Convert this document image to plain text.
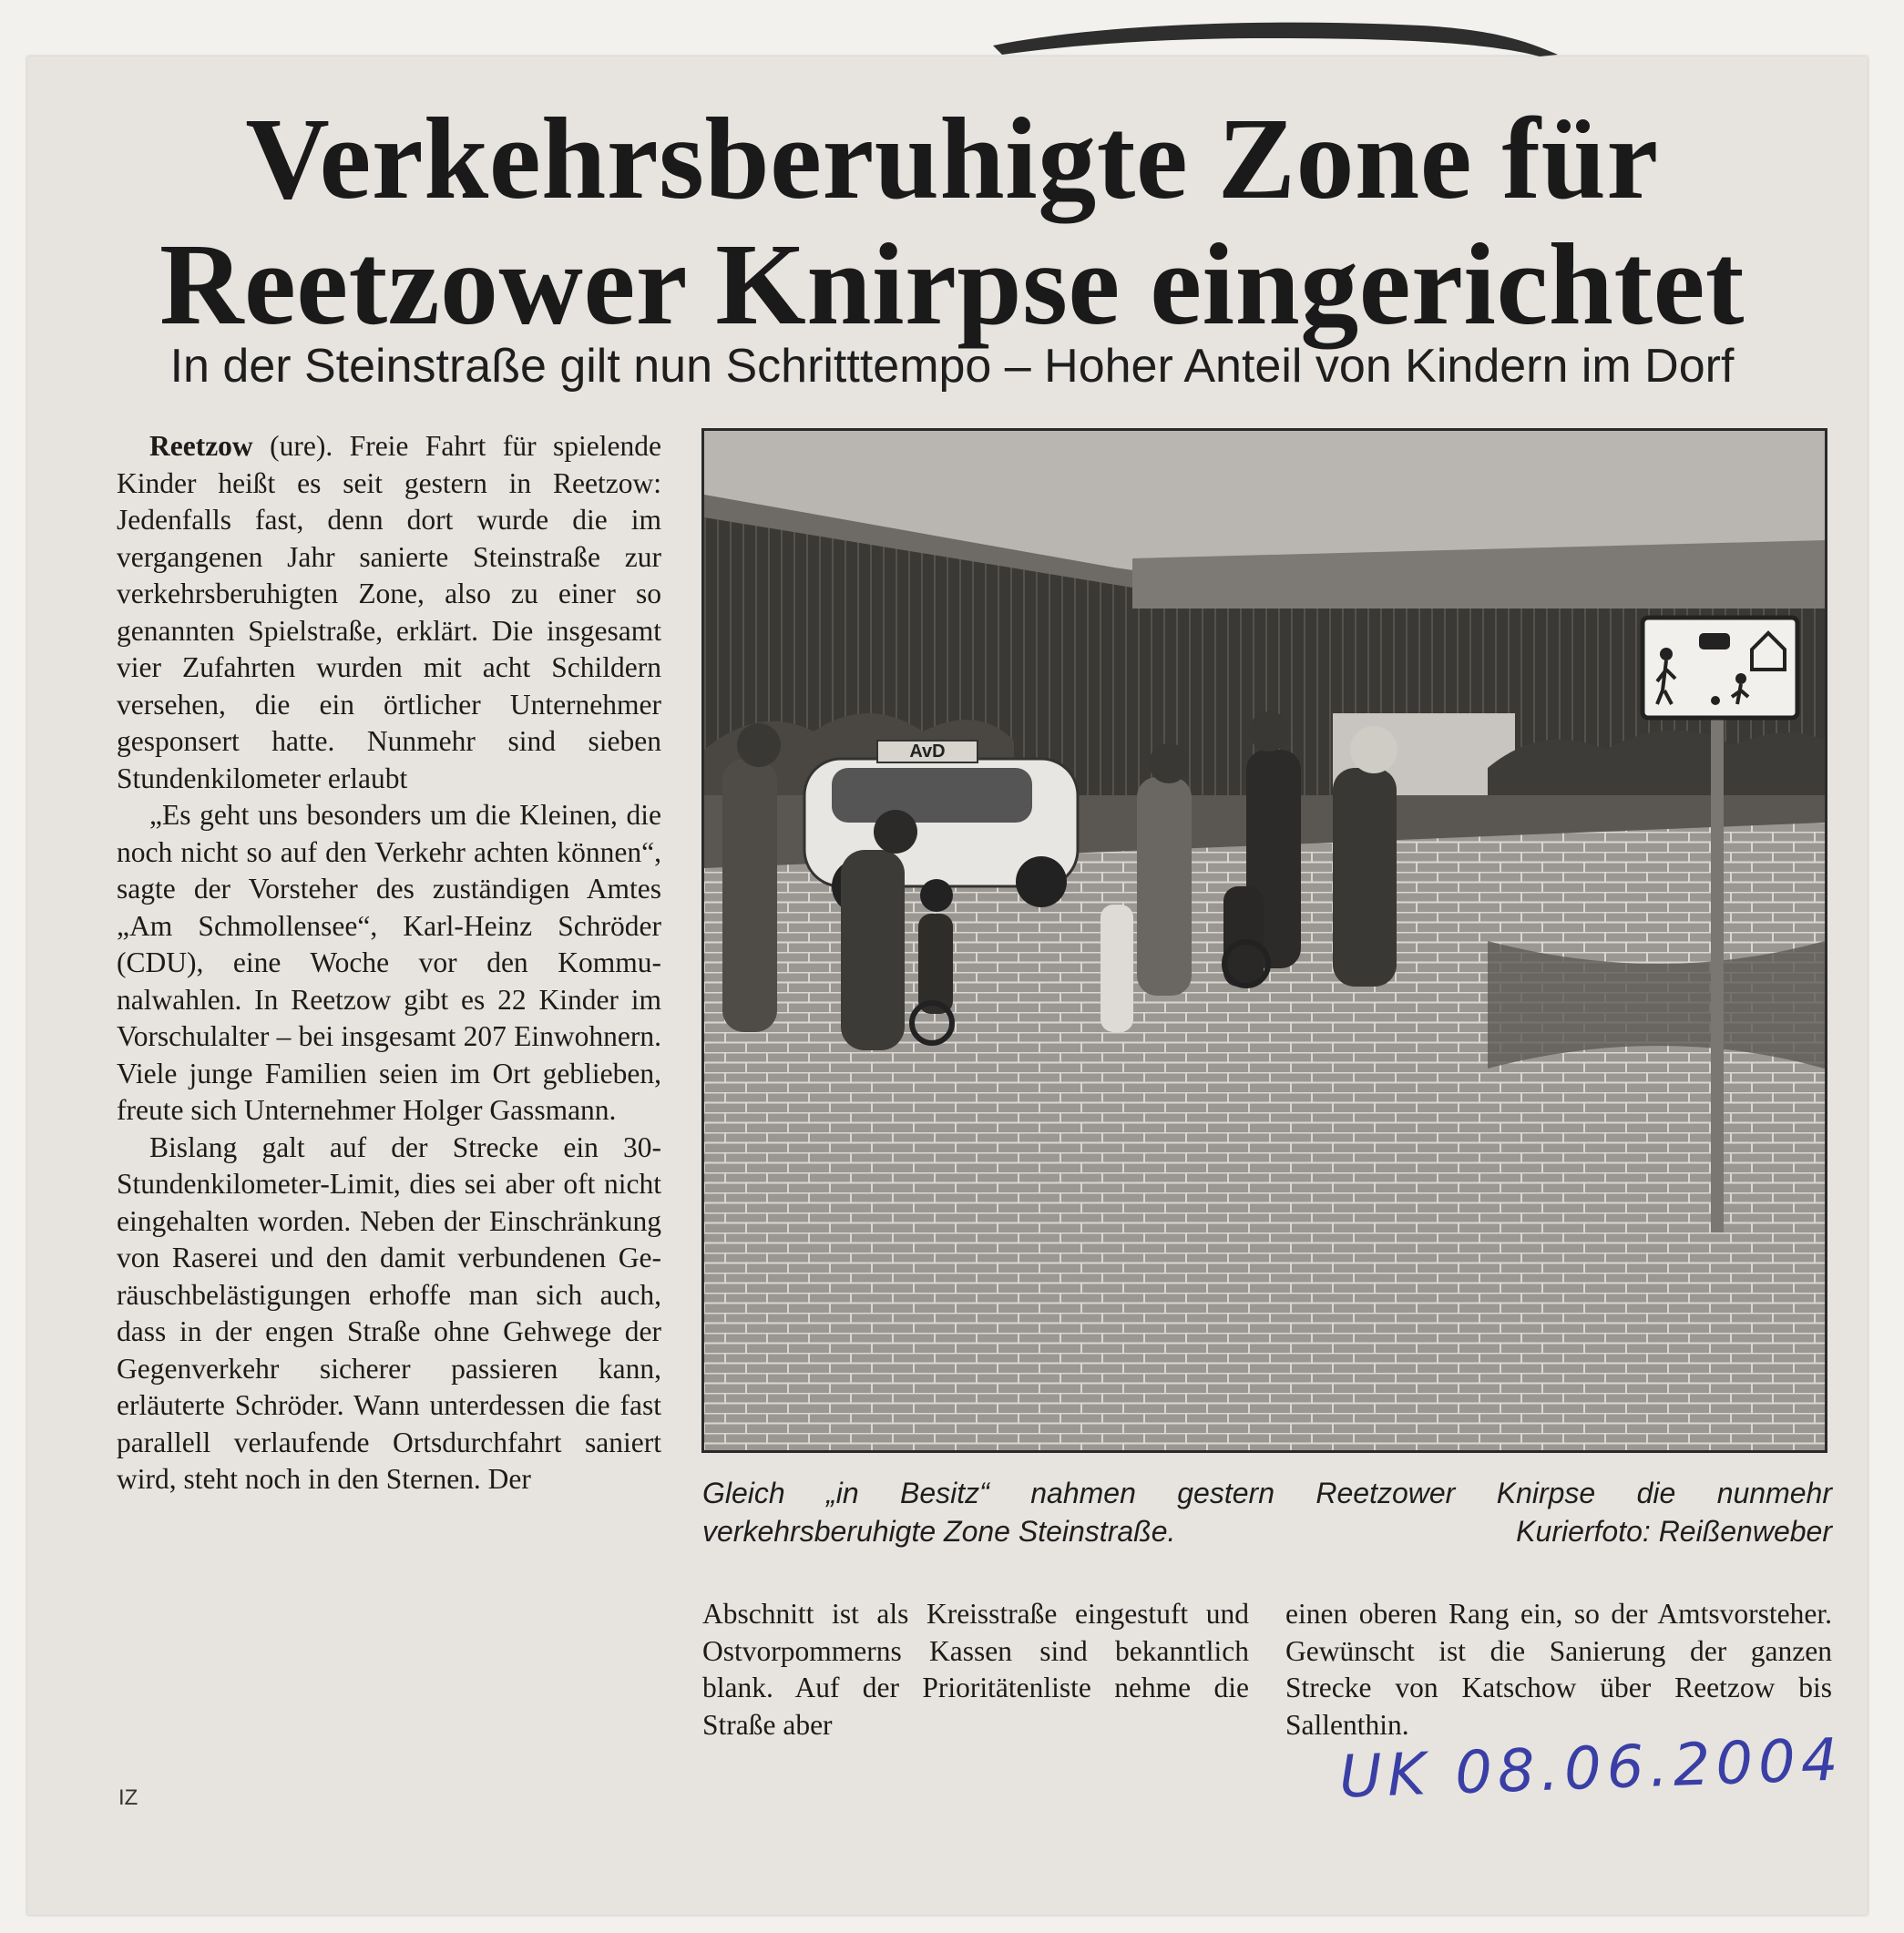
Verkehrsberuhigte Zone für
Reetzower Knirpse eingerichtet
In der Steinstraße gilt nun Schritttempo – Hoher Anteil von Kindern im Dorf

Reetzow (ure). Freie Fahrt für spielende Kinder heißt es seit gestern in Reetzow: Jedenfalls fast, denn dort wurde die im vergangenen Jahr sanierte Steinstraße zur verkehrsberuhigten Zone, also zu einer so genannten Spielstraße, erklärt. Die insgesamt vier Zufahrten wurden mit acht Schildern versehen, die ein örtlicher Unternehmer gesponsert hatte. Nunmehr sind sieben Stundenkilometer erlaubt

„Es geht uns besonders um die Kleinen, die noch nicht so auf den Verkehr achten können“, sagte der Vorsteher des zuständigen Amtes „Am Schmollensee“, Karl-Heinz Schröder (CDU), eine Woche vor den Kommunalwahlen. In Reetzow gibt es 22 Kinder im Vorschulalter – bei insgesamt 207 Einwohnern. Viele junge Familien seien im Ort geblieben, freute sich Unternehmer Holger Gassmann.

Bislang galt auf der Strecke ein 30-Stundenkilometer-Limit, dies sei aber oft nicht eingehalten worden. Neben der Einschränkung von Raserei und den damit verbundenen Geräuschbelästigungen erhoffe man sich auch, dass in der engen Straße ohne Gehwege der Gegenverkehr sicherer passieren kann, erläuterte Schröder. Wann unterdessen die fast parallell verlaufende Ortsdurchfahrt saniert wird, steht noch in den Sternen. Der

AvD
Gleich „in Besitz“ nahmen gestern Reetzower Knirpse die nunmehr
verkehrsberuhigte Zone Steinstraße.	Kurierfoto: Reißenweber

Abschnitt ist als Kreisstraße eingestuft und Ostvorpommerns Kassen sind bekanntlich blank. Auf der Prioritätenliste nehme die Straße aber

einen oberen Rang ein, so der Amtsvorsteher. Gewünscht ist die Sanierung der ganzen Strecke von Katschow über Reetzow bis Sallenthin.

IZ	UK 08.06.2004
